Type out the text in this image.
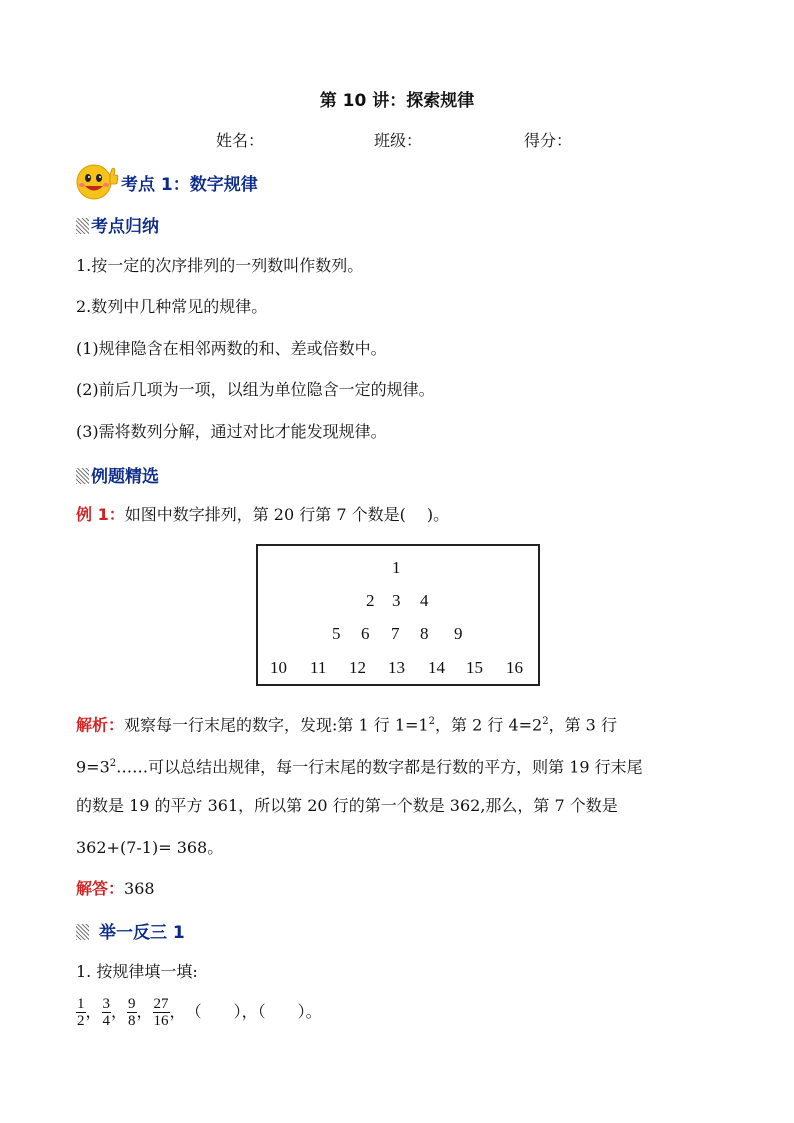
第 10 讲：探索规律
姓名：	班级：	得分：
考点 1：数字规律
考点归纳
1.按一定的次序排列的一列数叫作数列。
2.数列中几种常见的规律。
(1)规律隐含在相邻两数的和、差或倍数中。
(2)前后几项为一项，以组为单位隐含一定的规律。
(3)需将数列分解，通过对比才能发现规律。
例题精选
例 1：如图中数字排列，第 20 行第 7 个数是(　 )。
1
2 3 4
5 6 7 8 9
10 11 12 13 14 15 16
解析：观察每一行末尾的数字，发现:第 1 行 $1=1^2$，第 2 行 $4=2^2$，第 3 行
$9=3^2\dots\dots$可以总结出规律，每一行末尾的数字都是行数的平方，则第 19 行末尾
的数是 19 的平方 361，所以第 20 行的第一个数是 362,那么，第 7 个数是
362+(7-1)= 368。
解答：368
举一反三 1
1. 按规律填一填:
$\frac{1}{2}$ ， $\frac{3}{4}$ ， $\frac{9}{8}$ ， $\frac{27}{16}$ ， （　　），（　　）。
